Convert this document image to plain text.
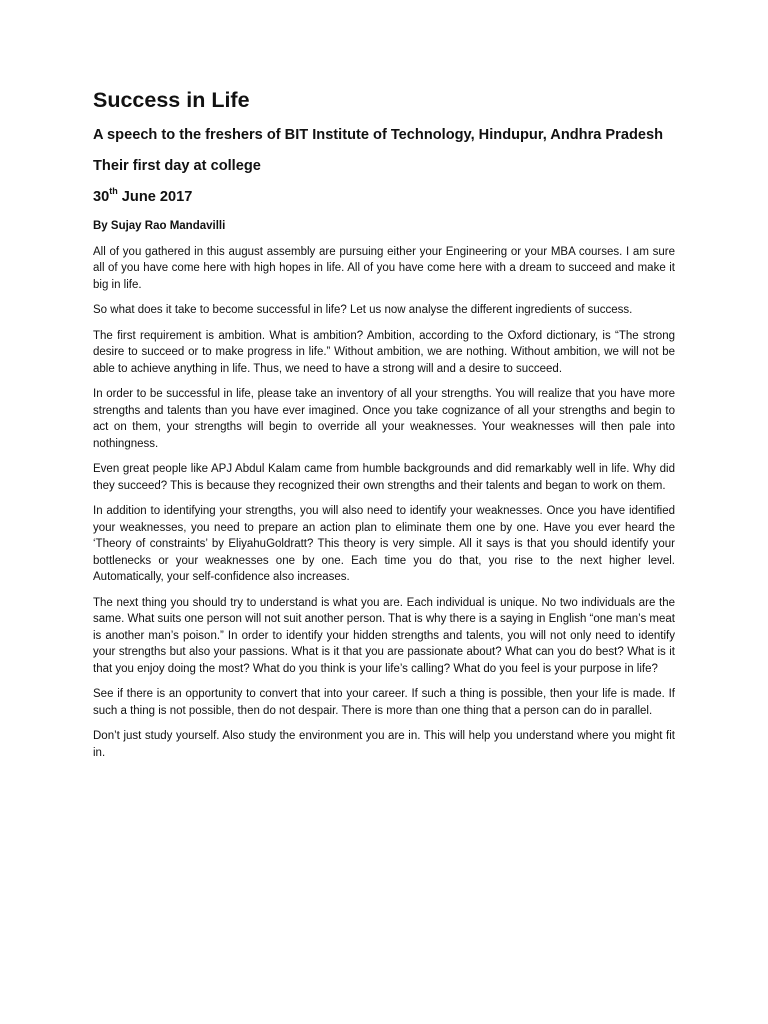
Success in Life
A speech to the freshers of BIT Institute of Technology, Hindupur, Andhra Pradesh
Their first day at college
30th June 2017
By Sujay Rao Mandavilli

All of you gathered in this august assembly are pursuing either your Engineering or your MBA courses. I am sure all of you have come here with high hopes in life. All of you have come here with a dream to succeed and make it big in life.

So what does it take to become successful in life? Let us now analyse the different ingredients of success.

The first requirement is ambition. What is ambition? Ambition, according to the Oxford dictionary, is “The strong desire to succeed or to make progress in life.” Without ambition, we are nothing. Without ambition, we will not be able to achieve anything in life. Thus, we need to have a strong will and a desire to succeed.

In order to be successful in life, please take an inventory of all your strengths. You will realize that you have more strengths and talents than you have ever imagined. Once you take cognizance of all your strengths and begin to act on them, your strengths will begin to override all your weaknesses. Your weaknesses will then pale into nothingness.

Even great people like APJ Abdul Kalam came from humble backgrounds and did remarkably well in life. Why did they succeed? This is because they recognized their own strengths and their talents and began to work on them.

In addition to identifying your strengths, you will also need to identify your weaknesses. Once you have identified your weaknesses, you need to prepare an action plan to eliminate them one by one. Have you ever heard the ‘Theory of constraints’ by EliyahuGoldratt? This theory is very simple. All it says is that you should identify your bottlenecks or your weaknesses one by one. Each time you do that, you rise to the next higher level. Automatically, your self-confidence also increases.

The next thing you should try to understand is what you are. Each individual is unique. No two individuals are the same. What suits one person will not suit another person. That is why there is a saying in English “one man’s meat is another man’s poison.” In order to identify your hidden strengths and talents, you will not only need to identify your strengths but also your passions. What is it that you are passionate about? What can you do best? What is it that you enjoy doing the most? What do you think is your life’s calling? What do you feel is your purpose in life?

See if there is an opportunity to convert that into your career. If such a thing is possible, then your life is made. If such a thing is not possible, then do not despair. There is more than one thing that a person can do in parallel.

Don’t just study yourself. Also study the environment you are in. This will help you understand where you might fit in.
